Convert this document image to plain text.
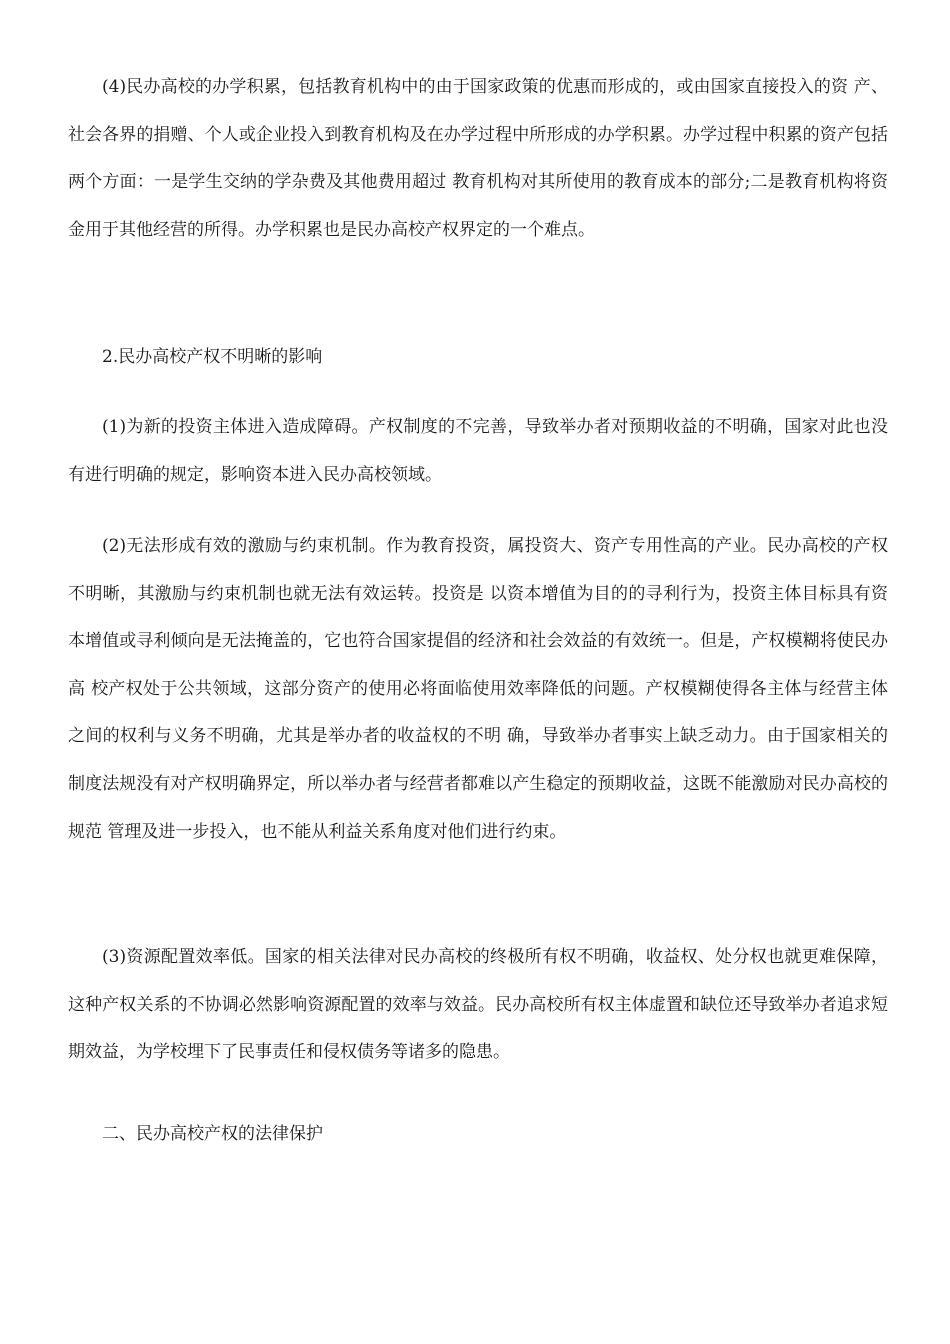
(4)民办高校的办学积累，包括教育机构中的由于国家政策的优惠而形成的，或由国家直接投入的资 产、社会各界的捐赠、个人或企业投入到教育机构及在办学过程中所形成的办学积累。办学过程中积累的资产包括两个方面：一是学生交纳的学杂费及其他费用超过 教育机构对其所使用的教育成本的部分;二是教育机构将资金用于其他经营的所得。办学积累也是民办高校产权界定的一个难点。

2.民办高校产权不明晰的影响

(1)为新的投资主体进入造成障碍。产权制度的不完善，导致举办者对预期收益的不明确，国家对此也没有进行明确的规定，影响资本进入民办高校领域。

(2)无法形成有效的激励与约束机制。作为教育投资，属投资大、资产专用性高的产业。民办高校的产权不明晰，其激励与约束机制也就无法有效运转。投资是 以资本增值为目的的寻利行为，投资主体目标具有资本增值或寻利倾向是无法掩盖的，它也符合国家提倡的经济和社会效益的有效统一。但是，产权模糊将使民办高 校产权处于公共领域，这部分资产的使用必将面临使用效率降低的问题。产权模糊使得各主体与经营主体之间的权利与义务不明确，尤其是举办者的收益权的不明 确，导致举办者事实上缺乏动力。由于国家相关的制度法规没有对产权明确界定，所以举办者与经营者都难以产生稳定的预期收益，这既不能激励对民办高校的规范 管理及进一步投入，也不能从利益关系角度对他们进行约束。

(3)资源配置效率低。国家的相关法律对民办高校的终极所有权不明确，收益权、处分权也就更难保障，这种产权关系的不协调必然影响资源配置的效率与效益。民办高校所有权主体虚置和缺位还导致举办者追求短期效益，为学校埋下了民事责任和侵权债务等诸多的隐患。

二、民办高校产权的法律保护
